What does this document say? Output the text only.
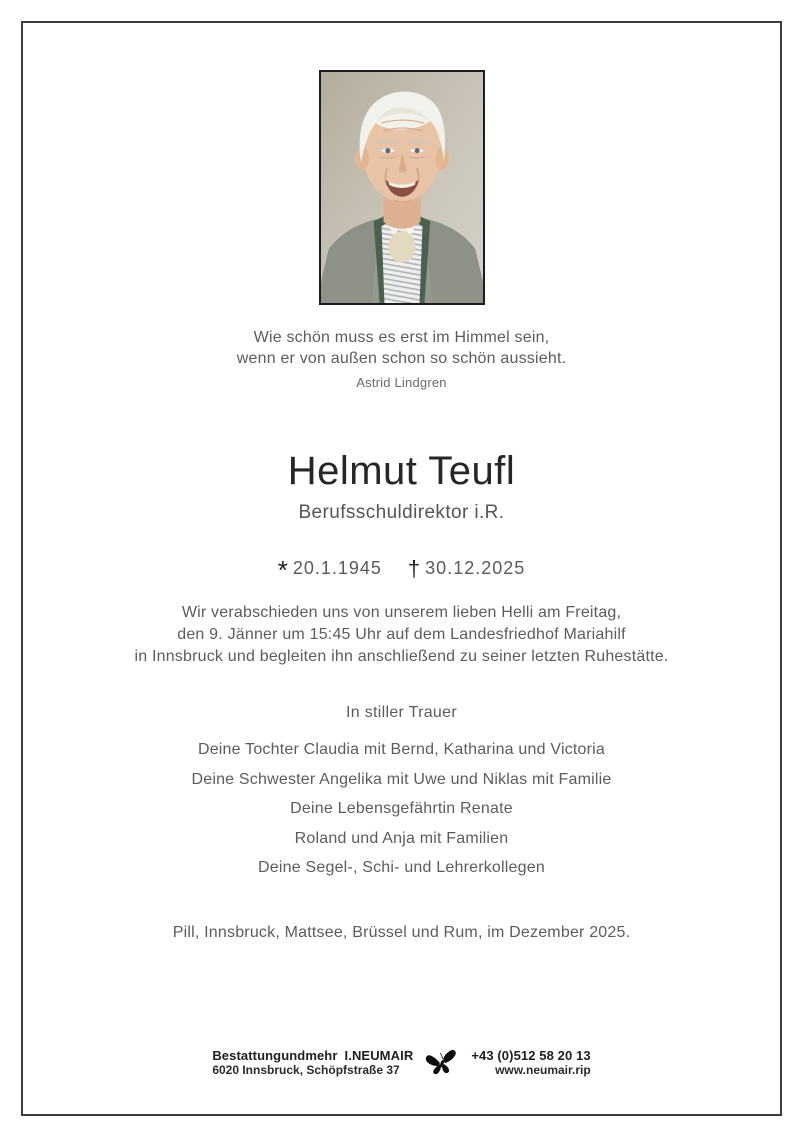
Wie schön muss es erst im Himmel sein,
wenn er von außen schon so schön aussieht.
Astrid Lindgren
Helmut Teufl
Berufsschuldirektor i.R.
* 20.1.1945 † 30.12.2025
Wir verabschieden uns von unserem lieben Helli am Freitag,
den 9. Jänner um 15:45 Uhr auf dem Landesfriedhof Mariahilf
in Innsbruck und begleiten ihn anschließend zu seiner letzten Ruhestätte.
In stiller Trauer
Deine Tochter Claudia mit Bernd, Katharina und Victoria
Deine Schwester Angelika mit Uwe und Niklas mit Familie
Deine Lebensgefährtin Renate
Roland und Anja mit Familien
Deine Segel-, Schi- und Lehrerkollegen
Pill, Innsbruck, Mattsee, Brüssel und Rum, im Dezember 2025.
Bestattungundmehr I.NEUMAIR
6020 Innsbruck, Schöpfstraße 37
+43 (0)512 58 20 13
www.neumair.rip
